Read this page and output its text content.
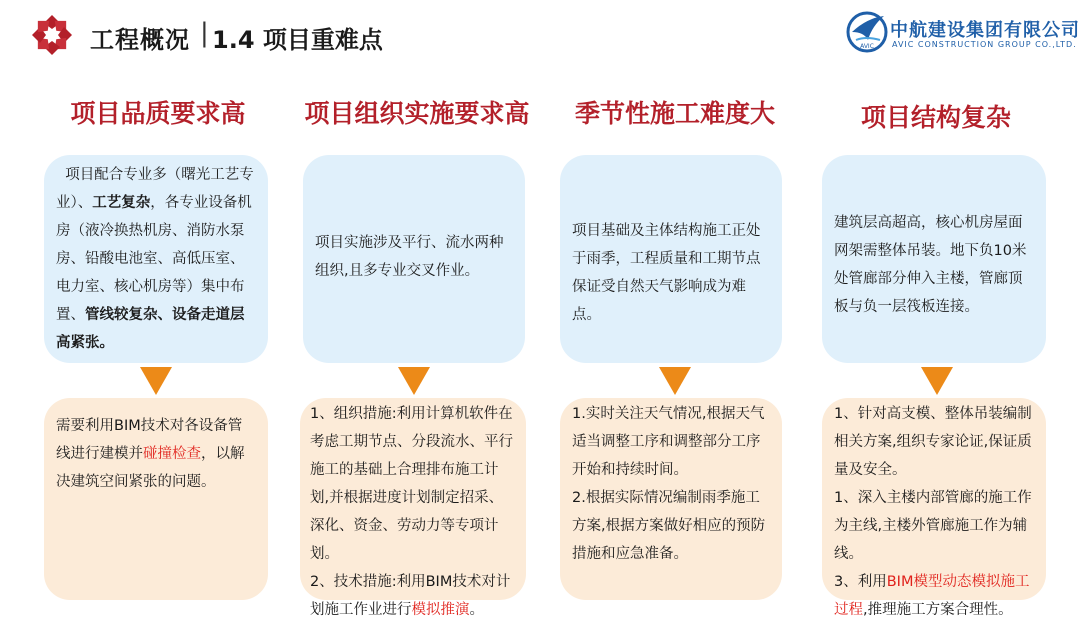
工程概况 | 1.4 项目重难点	AVIC
中航建设集团有限公司
AVIC CONSTRUCTION GROUP CO.,LTD.
项目品质要求高
项目配合专业多（曙光工艺专业）、工艺复杂，各专业设备机房（液冷换热机房、消防水泵房、铅酸电池室、高低压室、电力室、核心机房等）集中布置、管线较复杂、设备走道层高紧张。
需要利用BIM技术对各设备管线进行建模并碰撞检查，以解决建筑空间紧张的问题。
项目组织实施要求高
项目实施涉及平行、流水两种组织,且多专业交叉作业。
1、组织措施:利用计算机软件在考虑工期节点、分段流水、平行施工的基础上合理排布施工计划,并根据进度计划制定招采、深化、资金、劳动力等专项计划。
2、技术措施:利用BIM技术对计划施工作业进行模拟推演。
季节性施工难度大
项目基础及主体结构施工正处于雨季，工程质量和工期节点保证受自然天气影响成为难点。
1.实时关注天气情况,根据天气适当调整工序和调整部分工序开始和持续时间。
2.根据实际情况编制雨季施工方案,根据方案做好相应的预防措施和应急准备。
项目结构复杂
建筑层高超高，核心机房屋面网架需整体吊装。地下负10米处管廊部分伸入主楼，管廊顶板与负一层筏板连接。
1、针对高支模、整体吊装编制相关方案,组织专家论证,保证质量及安全。
1、深入主楼内部管廊的施工作为主线,主楼外管廊施工作为辅线。
3、利用BIM模型动态模拟施工过程,推理施工方案合理性。
